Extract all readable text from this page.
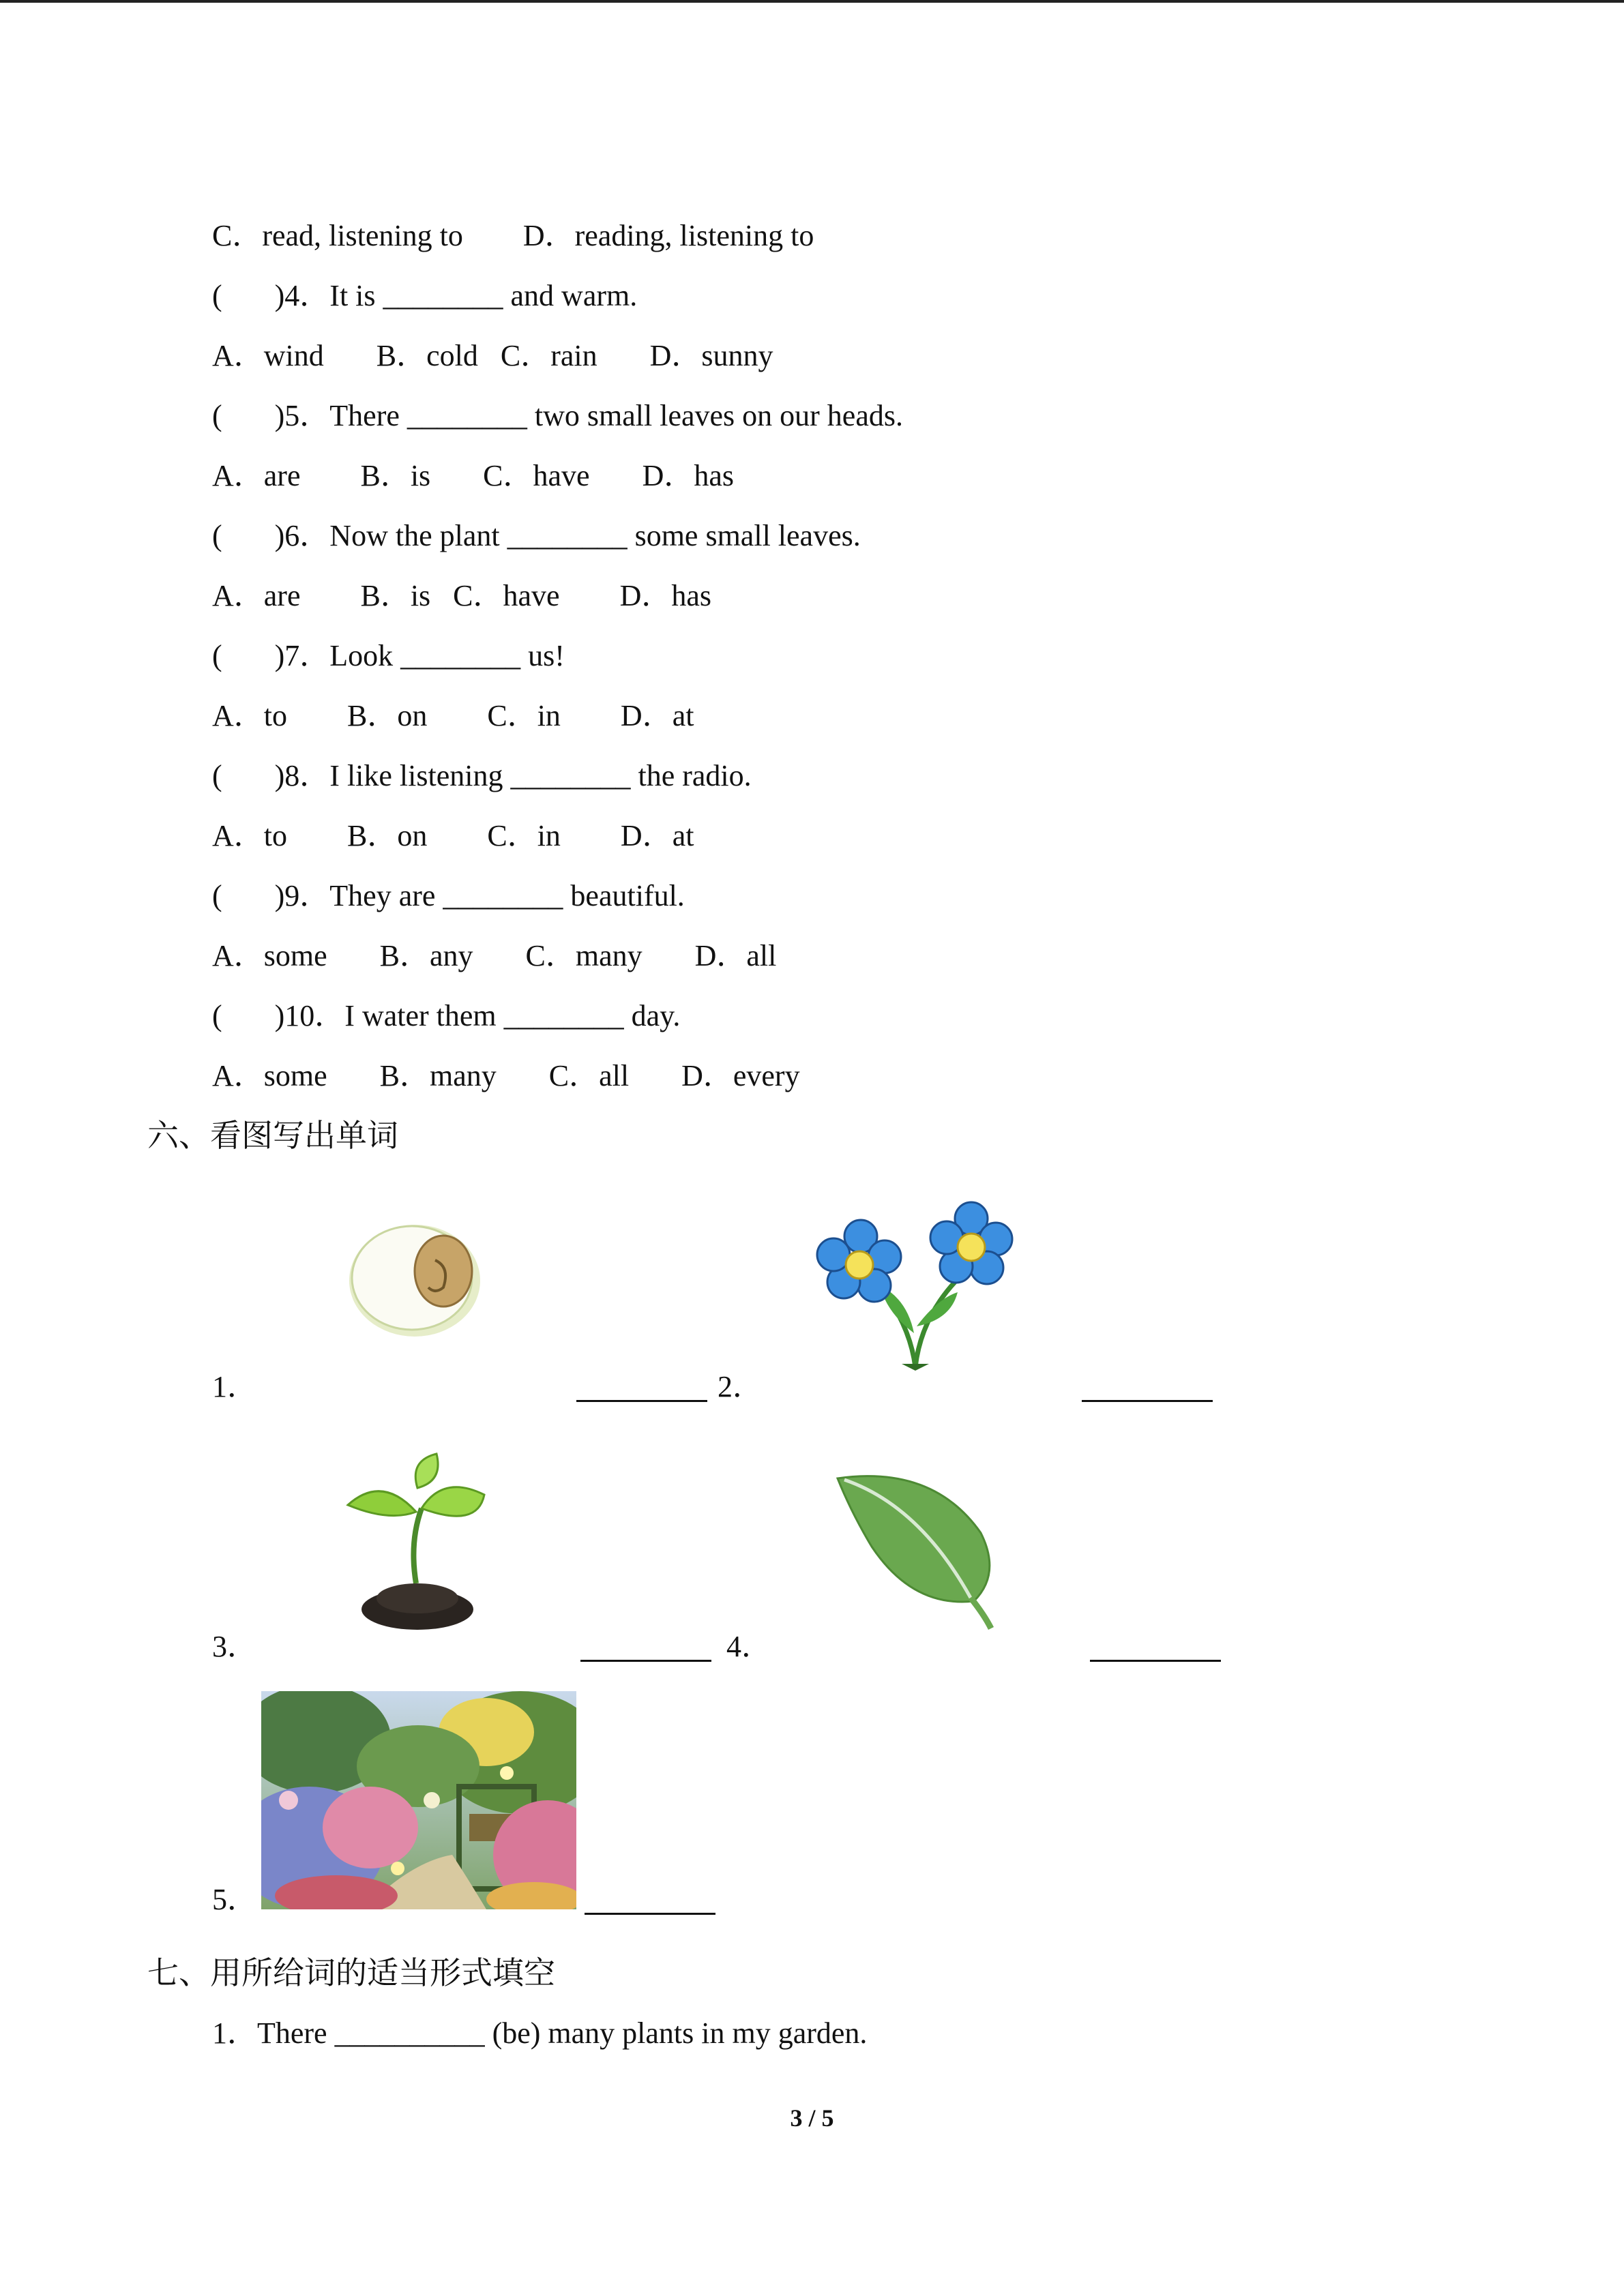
C．read, listening to        D．reading, listening to
(       )4．It is ________ and warm.
A．wind       B．cold   C．rain       D．sunny
(       )5．There ________ two small leaves on our heads.
A．are        B．is       C．have       D．has
(       )6．Now the plant ________ some small leaves.
A．are        B．is   C．have        D．has
(       )7．Look ________ us!
A．to        B．on        C．in        D．at
(       )8．I like listening ________ the radio.
A．to        B．on        C．in        D．at
(       )9．They are ________ beautiful.
A．some       B．any       C．many       D．all
(       )10．I water them ________ day.
A．some       B．many       C．all       D．every
六、看图写出单词
1．	2．
3．	4．
5．
七、用所给词的适当形式填空
1．There __________ (be) many plants in my garden.
3 / 5
